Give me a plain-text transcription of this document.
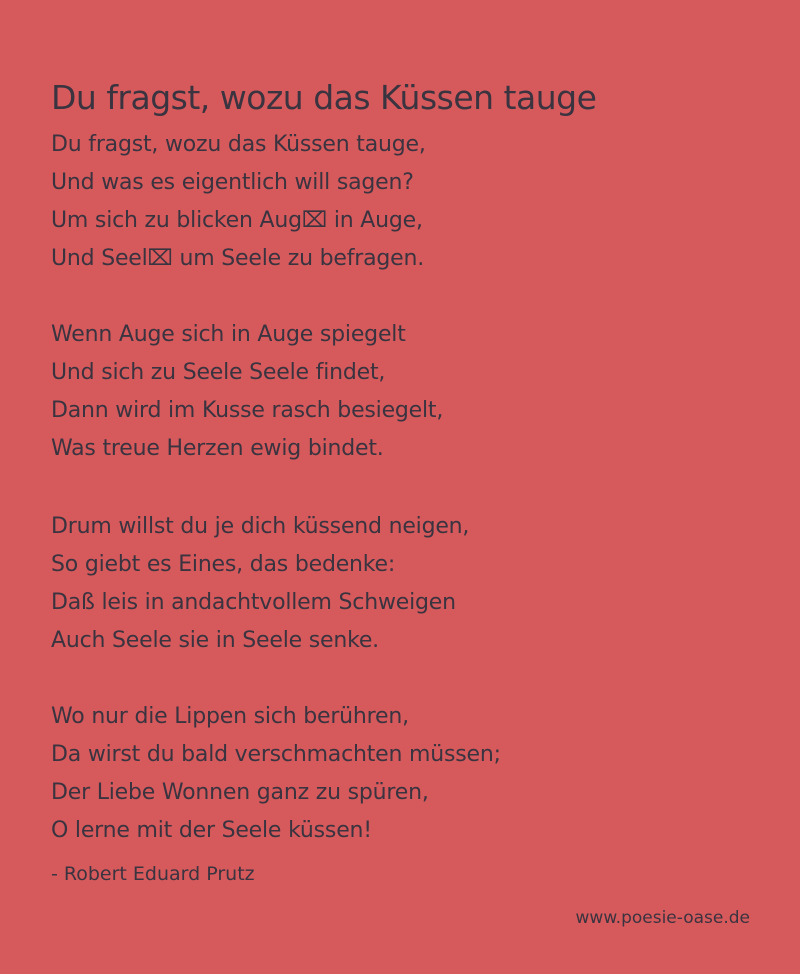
Du fragst, wozu das Küssen tauge
Du fragst, wozu das Küssen tauge,
Und was es eigentlich will sagen?
Um sich zu blicken Aug⌧ in Auge,
Und Seel⌧ um Seele zu befragen.
Wenn Auge sich in Auge spiegelt
Und sich zu Seele Seele findet,
Dann wird im Kusse rasch besiegelt,
Was treue Herzen ewig bindet.
Drum willst du je dich küssend neigen,
So giebt es Eines, das bedenke:
Daß leis in andachtvollem Schweigen
Auch Seele sie in Seele senke.
Wo nur die Lippen sich berühren,
Da wirst du bald verschmachten müssen;
Der Liebe Wonnen ganz zu spüren,
O lerne mit der Seele küssen!
- Robert Eduard Prutz
www.poesie-oase.de
